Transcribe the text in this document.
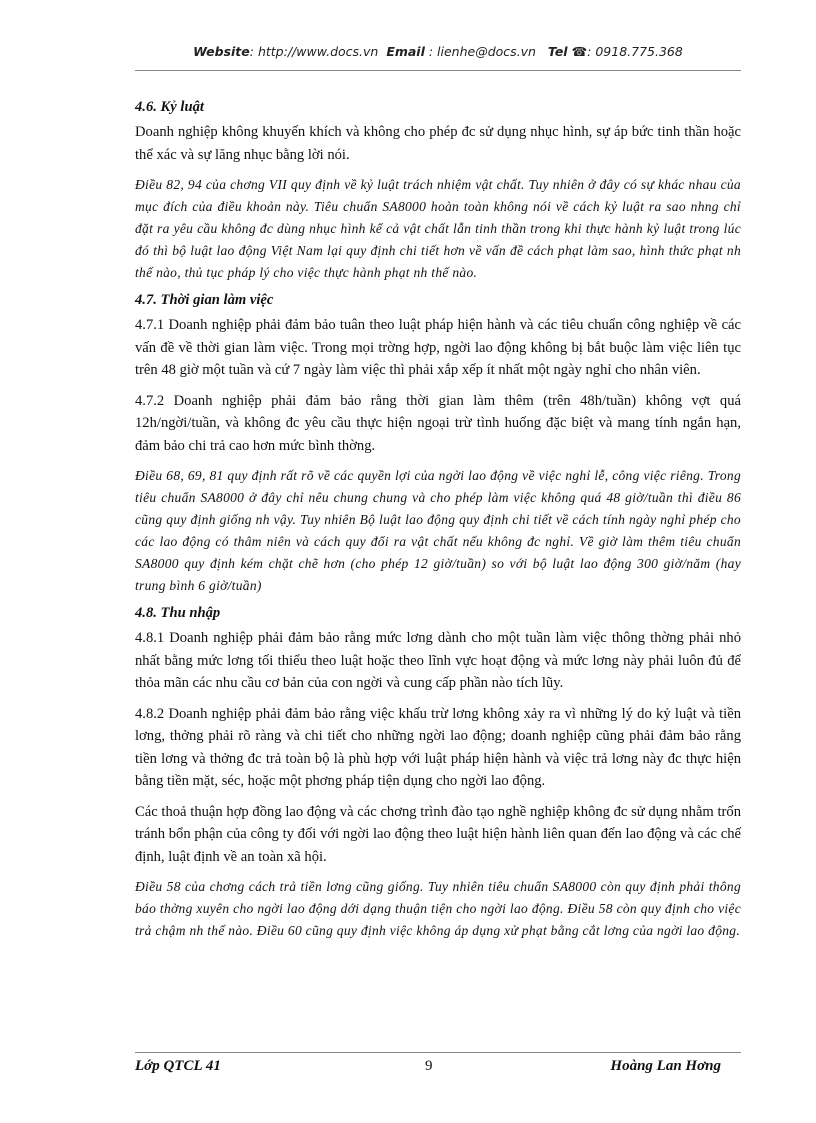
Website: http://www.docs.vn Email : lienhe@docs.vn Tel ☎: 0918.775.368
4.6. Kỷ luật
Doanh nghiệp không khuyến khích và không cho phép đc sử dụng nhục hình, sự áp bức tinh thần hoặc thể xác và sự lăng nhục bằng lời nói.
Điều 82, 94 của chơng VII quy định về kỷ luật trách nhiệm vật chất. Tuy nhiên ở đây có sự khác nhau của mục đích của điều khoản này. Tiêu chuẩn SA8000 hoàn toàn không nói về cách kỷ luật ra sao nhng chỉ đặt ra yêu cầu không đc dùng nhục hình kể cả vật chất lẫn tinh thần trong khi thực hành kỷ luật trong lúc đó thì bộ luật lao động Việt Nam lại quy định chi tiết hơn về vấn đề cách phạt làm sao, hình thức phạt nh thế nào, thủ tục pháp lý cho việc thực hành phạt nh thế nào.
4.7. Thời gian làm việc
4.7.1 Doanh nghiệp phải đảm bảo tuân theo luật pháp hiện hành và các tiêu chuẩn công nghiệp về các vấn đề về thời gian làm việc. Trong mọi trờng hợp, ngời lao động không bị bắt buộc làm việc liên tục trên 48 giờ một tuần và cứ 7 ngày làm việc thì phải xắp xếp ít nhất một ngày nghỉ cho nhân viên.
4.7.2 Doanh nghiệp phải đảm bảo rằng thời gian làm thêm (trên 48h/tuần) không vợt quá 12h/ngời/tuần, và không đc yêu cầu thực hiện ngoại trừ tình huống đặc biệt và mang tính ngắn hạn, đảm bảo chi trả cao hơn mức bình thờng.
Điều 68, 69, 81 quy định rất rõ về các quyền lợi của ngời lao động về việc nghỉ lễ, công việc riêng. Trong tiêu chuẩn SA8000 ở đây chỉ nêu chung chung và cho phép làm việc không quá 48 giờ/tuần thì điều 86 cũng quy định giống nh vậy. Tuy nhiên Bộ luật lao động quy định chi tiết về cách tính ngày nghỉ phép cho các lao động có thâm niên và cách quy đổi ra vật chất nếu không đc nghỉ. Về giờ làm thêm tiêu chuẩn SA8000 quy định kém chặt chẽ hơn (cho phép 12 giờ/tuần) so với bộ luật lao động 300 giờ/năm (hay trung bình 6 giờ/tuần)
4.8. Thu nhập
4.8.1 Doanh nghiệp phải đảm bảo rằng mức lơng dành cho một tuần làm việc thông thờng phải nhỏ nhất bằng mức lơng tối thiểu theo luật hoặc theo lĩnh vực hoạt động và mức lơng này phải luôn đủ để thỏa mãn các nhu cầu cơ bản của con ngời và cung cấp phần nào tích lũy.
4.8.2 Doanh nghiệp phải đảm bảo rằng việc khấu trừ lơng không xảy ra vì những lý do kỷ luật và tiền lơng, thởng phải rõ ràng và chi tiết cho những ngời lao động; doanh nghiệp cũng phải đảm bảo rằng tiền lơng và thởng đc trả toàn bộ là phù hợp với luật pháp hiện hành và việc trả lơng này đc thực hiện bằng tiền mặt, séc, hoặc một phơng pháp tiện dụng cho ngời lao động.
Các thoả thuận hợp đồng lao động và các chơng trình đào tạo nghề nghiệp không đc sử dụng nhằm trốn tránh bổn phận của công ty đối với ngời lao động theo luật hiện hành liên quan đến lao động và các chế định, luật định về an toàn xã hội.
Điều 58 của chơng cách trả tiền lơng cũng giống. Tuy nhiên tiêu chuẩn SA8000 còn quy định phải thông báo thờng xuyên cho ngời lao động dới dạng thuận tiện cho ngời lao động. Điều 58 còn quy định cho việc trả chậm nh thế nào. Điều 60 cũng quy định việc không áp dụng xử phạt bằng cắt lơng của ngời lao động.
Lớp QTCL 41	9	Hoàng Lan Hơng
